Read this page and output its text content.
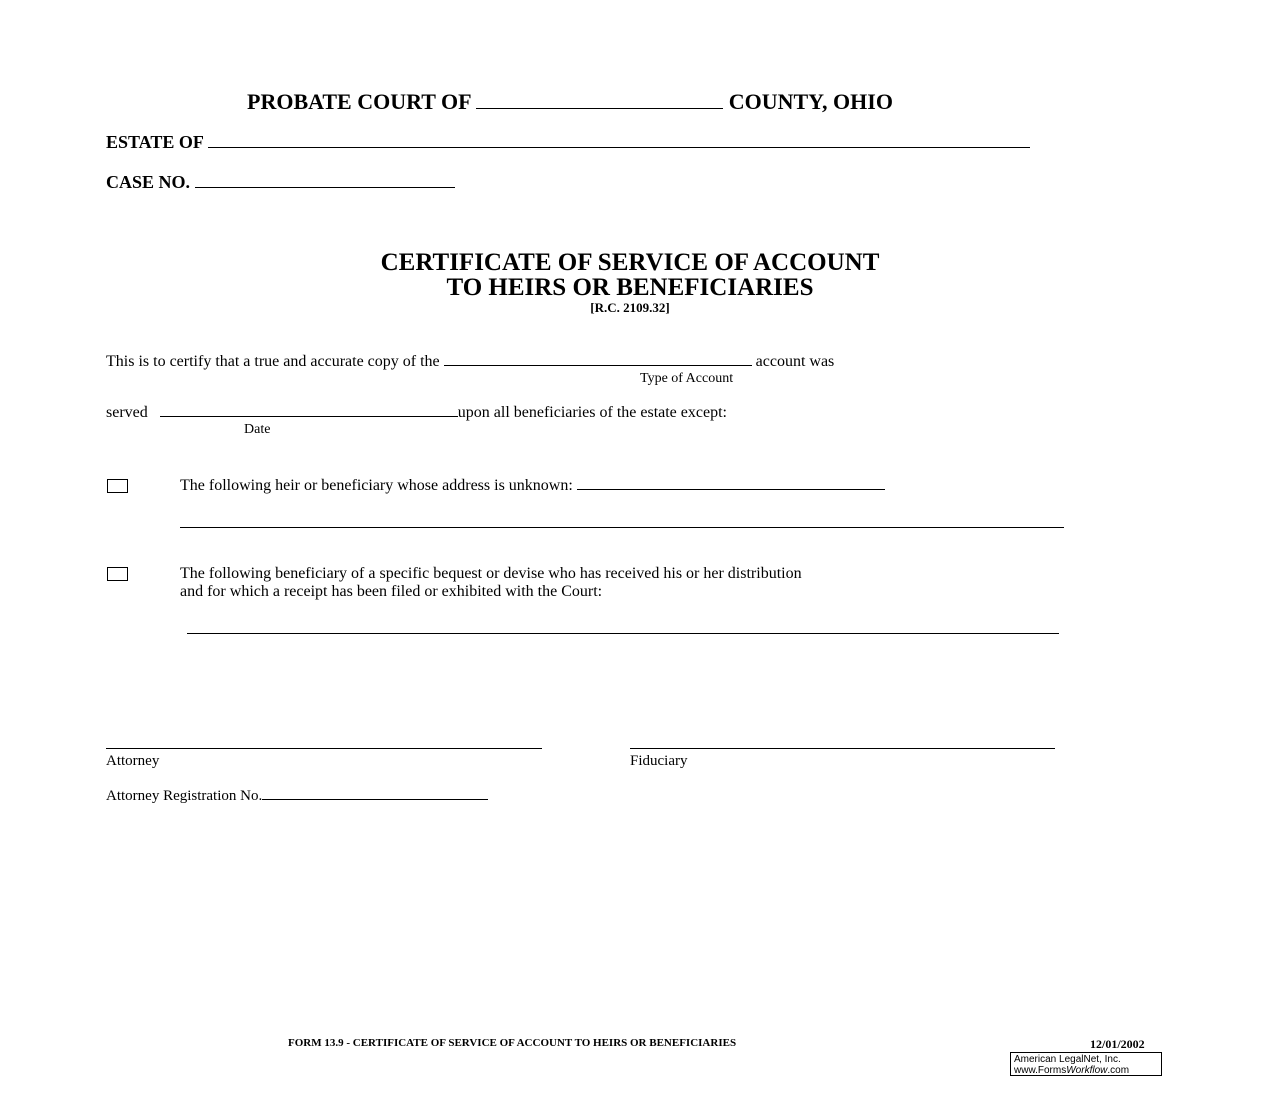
PROBATE COURT OF	COUNTY, OHIO
ESTATE OF
CASE NO.
CERTIFICATE OF SERVICE OF ACCOUNT
TO HEIRS OR BENEFICIARIES
[R.C. 2109.32]
This is to certify that a true and accurate copy of the	account was
Type of Account
served	upon all beneficiaries of the estate except:
Date
The following heir or beneficiary whose address is unknown:
The following beneficiary of a specific bequest or devise who has received his or her distribution
and for which a receipt has been filed or exhibited with the Court:
Attorney	Fiduciary
Attorney Registration No.
FORM 13.9 - CERTIFICATE OF SERVICE OF ACCOUNT TO HEIRS OR BENEFICIARIES	12/01/2002
American LegalNet, Inc.
www.FormsWorkflow.com
